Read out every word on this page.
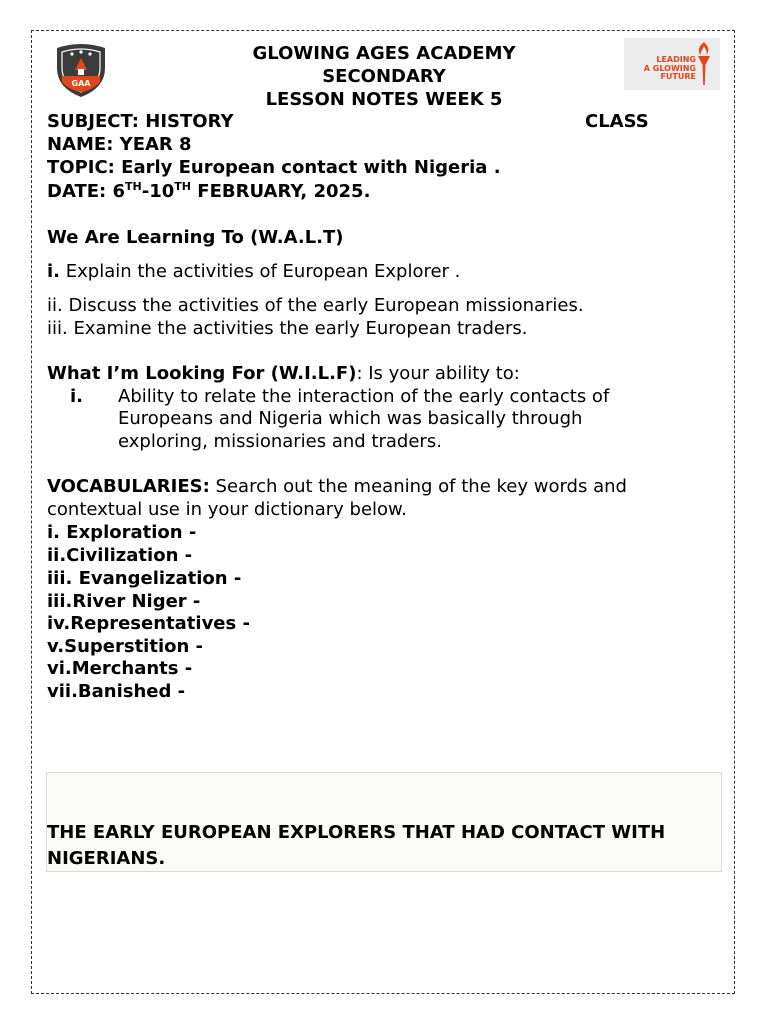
GAA
LEADING
A GLOWING
FUTURE
GLOWING AGES ACADEMY
SECONDARY
LESSON NOTES WEEK 5
SUBJECT: HISTORY	CLASS
NAME: YEAR 8
TOPIC: Early European contact with Nigeria .
DATE: 6TH-10TH FEBRUARY, 2025.
We Are Learning To (W.A.L.T)
i. Explain the activities of European Explorer .
ii. Discuss the activities of the early European missionaries.
iii. Examine the activities the early European traders.
What I’m Looking For (W.I.L.F): Is your ability to:
i. Ability to relate the interaction of the early contacts of
Europeans and Nigeria which was basically through
exploring, missionaries and traders.
VOCABULARIES: Search out the meaning of the key words and
contextual use in your dictionary below.
i. Exploration -
ii.Civilization -
iii. Evangelization -
iii.River Niger -
iv.Representatives -
v.Superstition -
vi.Merchants -
vii.Banished -
THE EARLY EUROPEAN EXPLORERS THAT HAD CONTACT WITH NIGERIANS.
